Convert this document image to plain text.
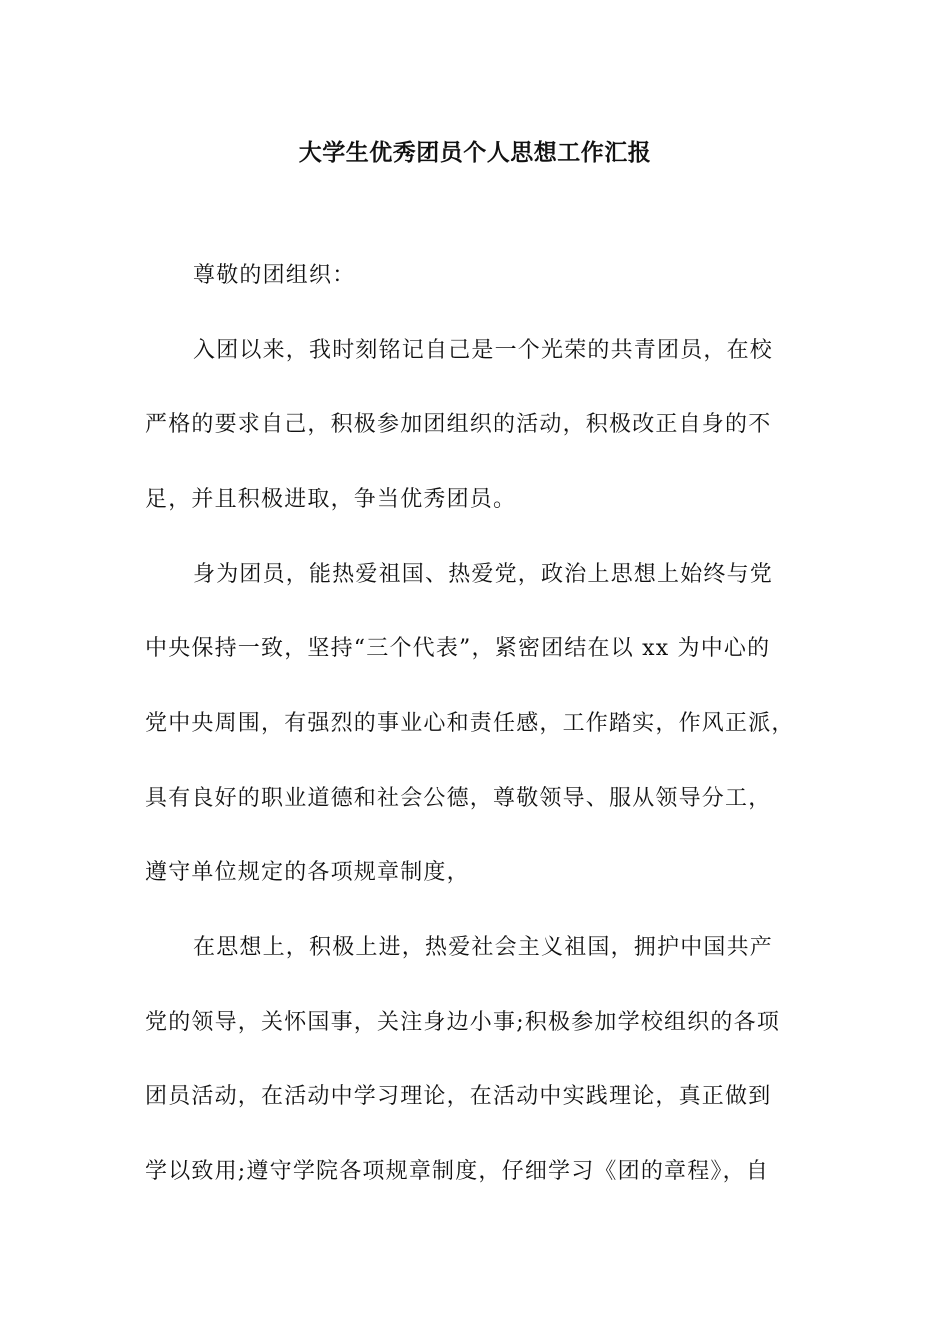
大学生优秀团员个人思想工作汇报
尊敬的团组织：
入团以来，我时刻铭记自己是一个光荣的共青团员，在校
严格的要求自己，积极参加团组织的活动，积极改正自身的不
足，并且积极进取，争当优秀团员。
身为团员，能热爱祖国、热爱党，政治上思想上始终与党
中央保持一致，坚持“三个代表”，紧密团结在以 xx 为中心的
党中央周围，有强烈的事业心和责任感，工作踏实，作风正派，
具有良好的职业道德和社会公德，尊敬领导、服从领导分工，
遵守单位规定的各项规章制度，
在思想上，积极上进，热爱社会主义祖国，拥护中国共产
党的领导，关怀国事，关注身边小事;积极参加学校组织的各项
团员活动，在活动中学习理论，在活动中实践理论，真正做到
学以致用;遵守学院各项规章制度，仔细学习《团的章程》，自
